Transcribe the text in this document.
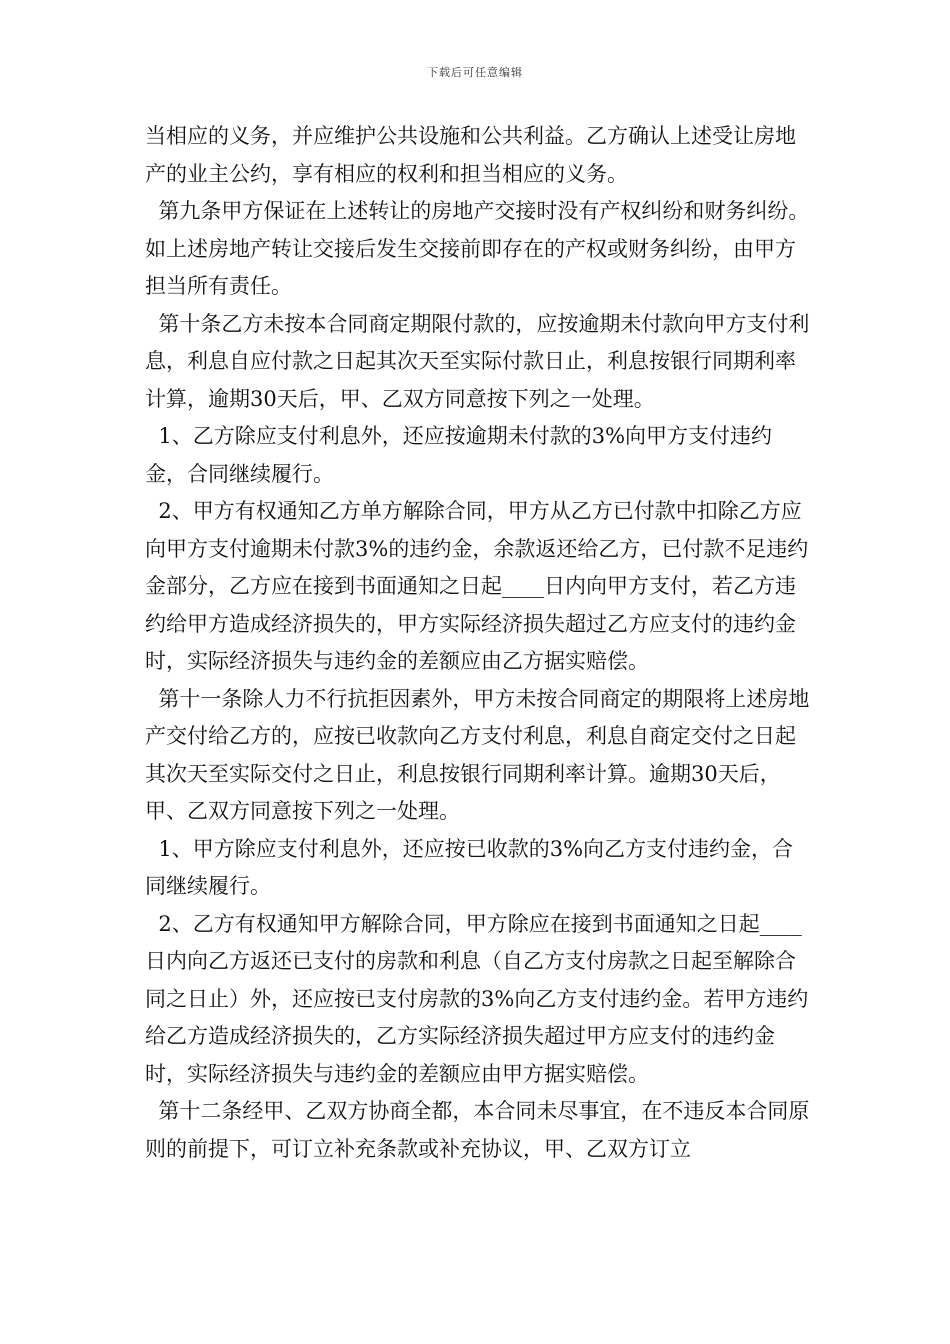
下载后可任意编辑

当相应的义务，并应维护公共设施和公共利益。乙方确认上述受让房地产的业主公约，享有相应的权利和担当相应的义务。

第九条甲方保证在上述转让的房地产交接时没有产权纠纷和财务纠纷。如上述房地产转让交接后发生交接前即存在的产权或财务纠纷，由甲方担当所有责任。

第十条乙方未按本合同商定期限付款的，应按逾期未付款向甲方支付利息，利息自应付款之日起其次天至实际付款日止，利息按银行同期利率计算，逾期30天后，甲、乙双方同意按下列之一处理。

1、乙方除应支付利息外，还应按逾期未付款的3%向甲方支付违约金，合同继续履行。

2、甲方有权通知乙方单方解除合同，甲方从乙方已付款中扣除乙方应向甲方支付逾期未付款3%的违约金，余款返还给乙方，已付款不足违约金部分，乙方应在接到书面通知之日起____日内向甲方支付，若乙方违约给甲方造成经济损失的，甲方实际经济损失超过乙方应支付的违约金时，实际经济损失与违约金的差额应由乙方据实赔偿。

第十一条除人力不行抗拒因素外，甲方未按合同商定的期限将上述房地产交付给乙方的，应按已收款向乙方支付利息，利息自商定交付之日起其次天至实际交付之日止，利息按银行同期利率计算。逾期30天后，甲、乙双方同意按下列之一处理。

1、甲方除应支付利息外，还应按已收款的3%向乙方支付违约金，合同继续履行。

2、乙方有权通知甲方解除合同，甲方除应在接到书面通知之日起____日内向乙方返还已支付的房款和利息（自乙方支付房款之日起至解除合同之日止）外，还应按已支付房款的3%向乙方支付违约金。若甲方违约给乙方造成经济损失的，乙方实际经济损失超过甲方应支付的违约金时，实际经济损失与违约金的差额应由甲方据实赔偿。

第十二条经甲、乙双方协商全都，本合同未尽事宜，在不违反本合同原则的前提下，可订立补充条款或补充协议，甲、乙双方订立
